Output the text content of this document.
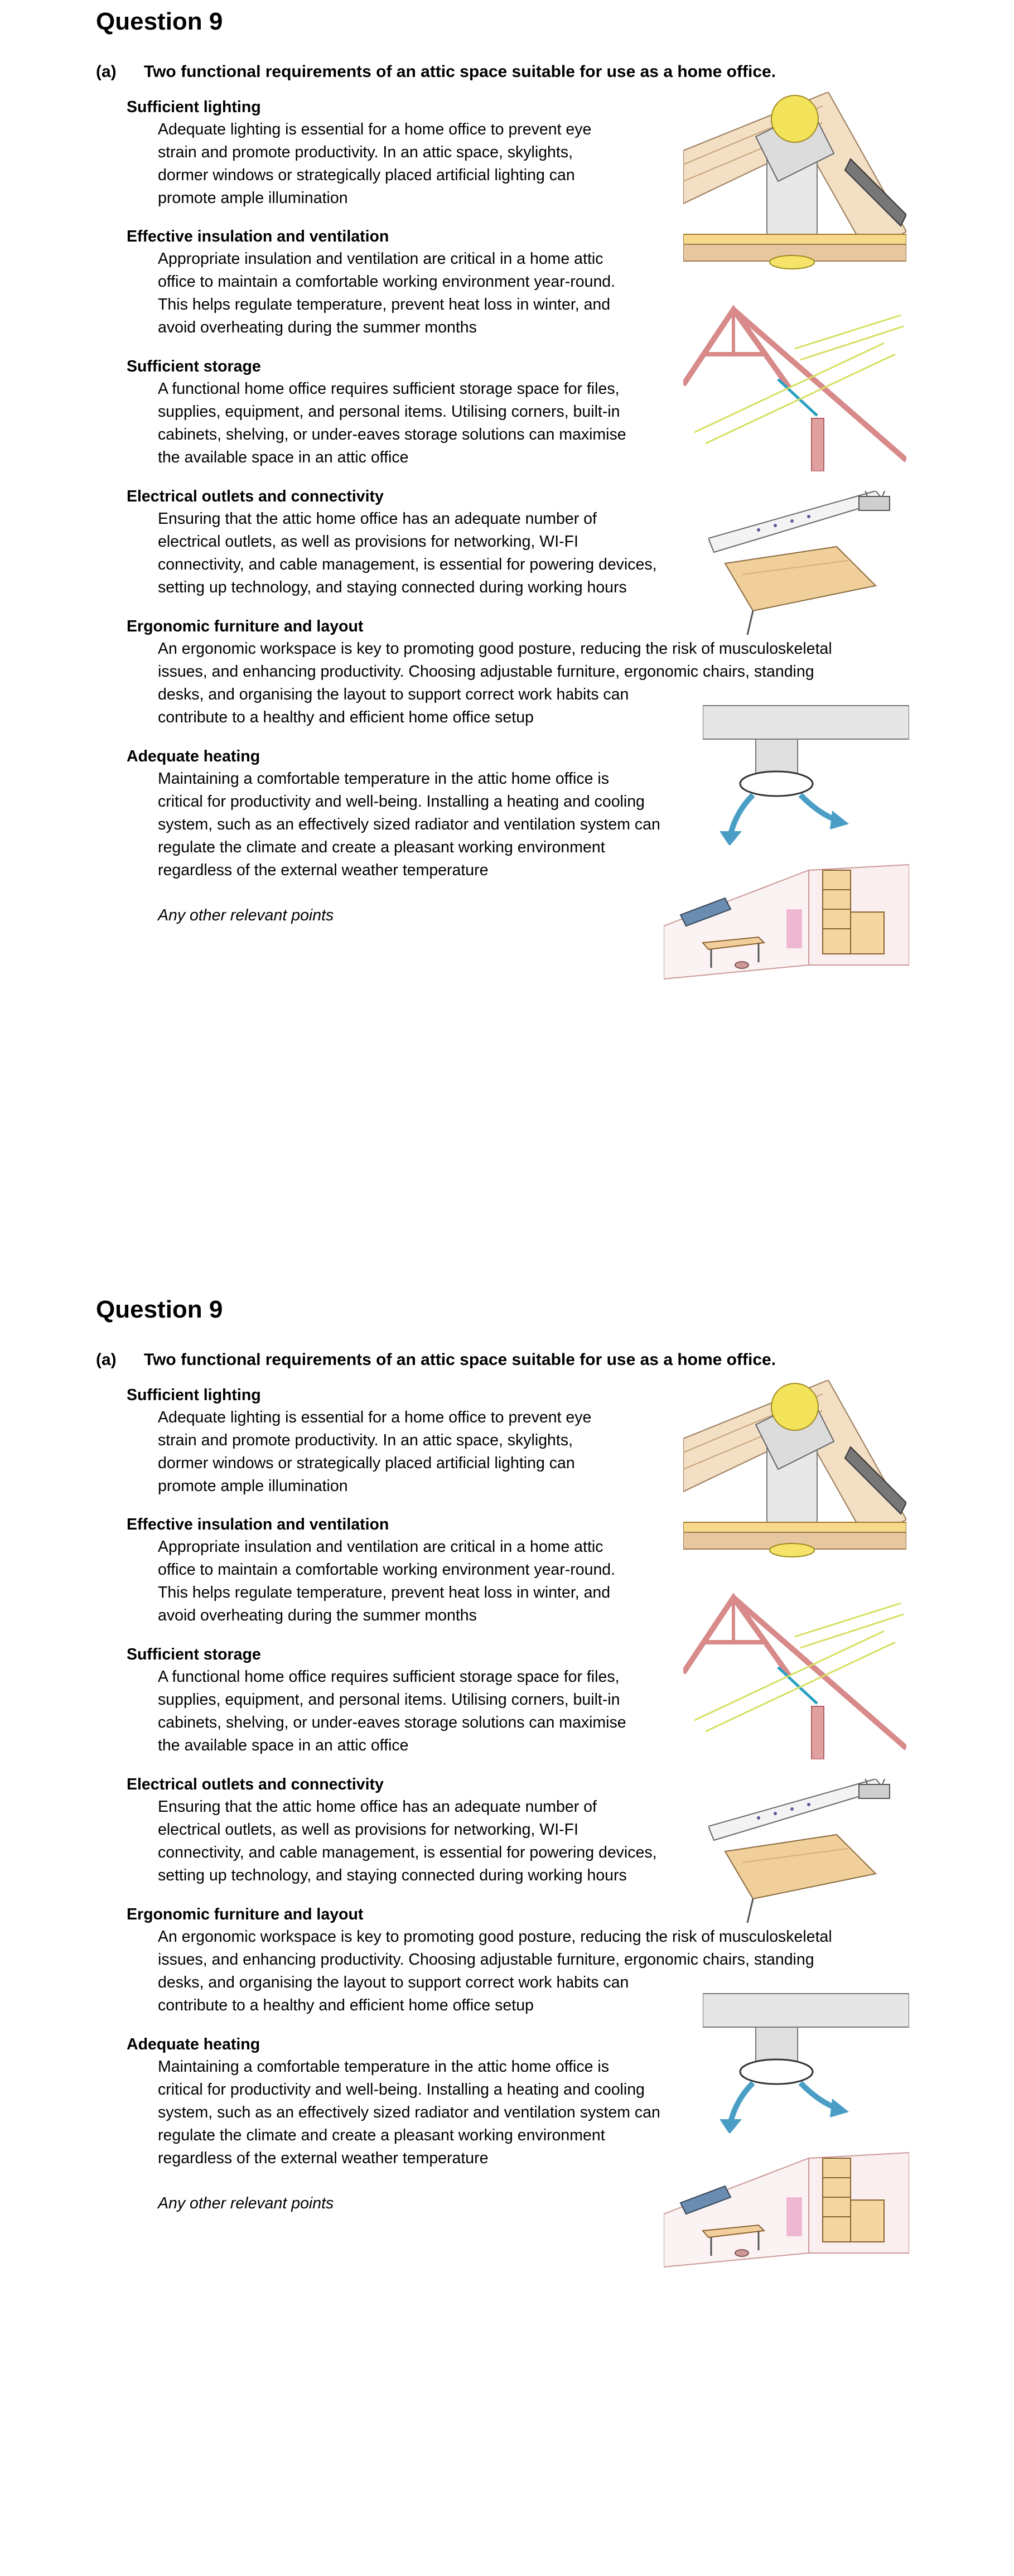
Question 9
(a) Two functional requirements of an attic space suitable for use as a home office.

Sufficient lighting

Adequate lighting is essential for a home office to prevent eye
strain and promote productivity. In an attic space, skylights,
dormer windows or strategically placed artificial lighting can
promote ample illumination

Effective insulation and ventilation

Appropriate insulation and ventilation are critical in a home attic
office to maintain a comfortable working environment year-round.
This helps regulate temperature, prevent heat loss in winter, and
avoid overheating during the summer months

Sufficient storage

A functional home office requires sufficient storage space for files,
supplies, equipment, and personal items. Utilising corners, built-in
cabinets, shelving, or under-eaves storage solutions can maximise
the available space in an attic office

Electrical outlets and connectivity

Ensuring that the attic home office has an adequate number of
electrical outlets, as well as provisions for networking, WI-FI
connectivity, and cable management, is essential for powering devices,
setting up technology, and staying connected during working hours

Ergonomic furniture and layout

An ergonomic workspace is key to promoting good posture, reducing the risk of musculoskeletal
issues, and enhancing productivity. Choosing adjustable furniture, ergonomic chairs, standing
desks, and organising the layout to support correct work habits can
contribute to a healthy and efficient home office setup

Adequate heating

Maintaining a comfortable temperature in the attic home office is
critical for productivity and well-being. Installing a heating and cooling
system, such as an effectively sized radiator and ventilation system can
regulate the climate and create a pleasant working environment
regardless of the external weather temperature

Any other relevant points
Question 9
(a) Two functional requirements of an attic space suitable for use as a home office.

Sufficient lighting

Adequate lighting is essential for a home office to prevent eye
strain and promote productivity. In an attic space, skylights,
dormer windows or strategically placed artificial lighting can
promote ample illumination

Effective insulation and ventilation

Appropriate insulation and ventilation are critical in a home attic
office to maintain a comfortable working environment year-round.
This helps regulate temperature, prevent heat loss in winter, and
avoid overheating during the summer months

Sufficient storage

A functional home office requires sufficient storage space for files,
supplies, equipment, and personal items. Utilising corners, built-in
cabinets, shelving, or under-eaves storage solutions can maximise
the available space in an attic office

Electrical outlets and connectivity

Ensuring that the attic home office has an adequate number of
electrical outlets, as well as provisions for networking, WI-FI
connectivity, and cable management, is essential for powering devices,
setting up technology, and staying connected during working hours

Ergonomic furniture and layout

An ergonomic workspace is key to promoting good posture, reducing the risk of musculoskeletal
issues, and enhancing productivity. Choosing adjustable furniture, ergonomic chairs, standing
desks, and organising the layout to support correct work habits can
contribute to a healthy and efficient home office setup

Adequate heating

Maintaining a comfortable temperature in the attic home office is
critical for productivity and well-being. Installing a heating and cooling
system, such as an effectively sized radiator and ventilation system can
regulate the climate and create a pleasant working environment
regardless of the external weather temperature

Any other relevant points
